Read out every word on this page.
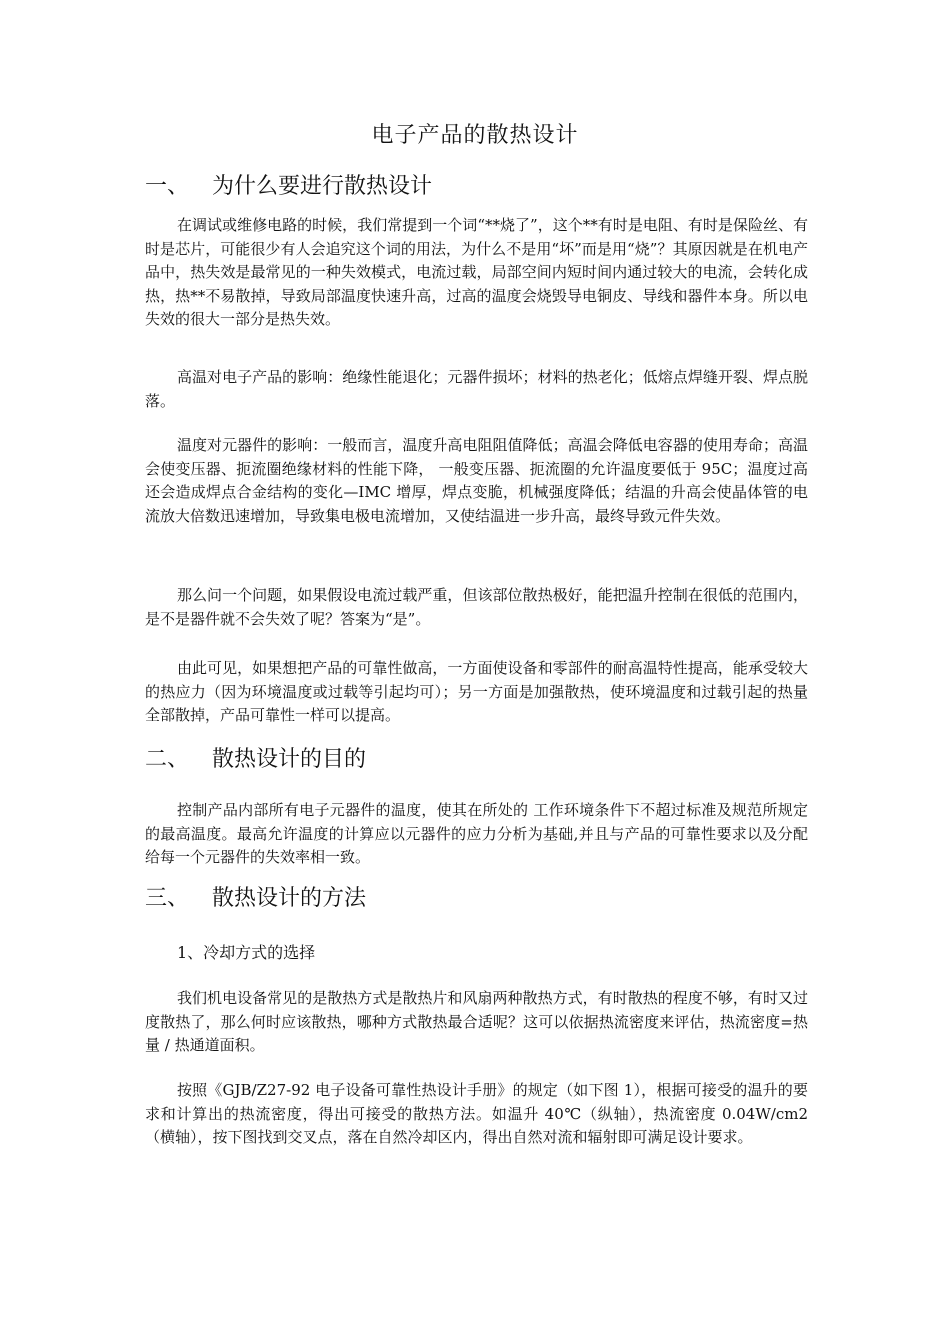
电子产品的散热设计
一、 为什么要进行散热设计

在调试或维修电路的时候，我们常提到一个词“**烧了”，这个**有时是电阻、有时是保险丝、有时是芯片，可能很少有人会追究这个词的用法，为什么不是用“坏”而是用“烧”？其原因就是在机电产品中，热失效是最常见的一种失效模式，电流过载，局部空间内短时间内通过较大的电流，会转化成热，热**不易散掉，导致局部温度快速升高，过高的温度会烧毁导电铜皮、导线和器件本身。所以电失效的很大一部分是热失效。

高温对电子产品的影响：绝缘性能退化；元器件损坏；材料的热老化；低熔点焊缝开裂、焊点脱落。

温度对元器件的影响：一般而言，温度升高电阻阻值降低；高温会降低电容器的使用寿命；高温会使变压器、扼流圈绝缘材料的性能下降， 一般变压器、扼流圈的允许温度要低于 95C；温度过高还会造成焊点合金结构的变化—IMC 增厚，焊点变脆，机械强度降低；结温的升高会使晶体管的电流放大倍数迅速增加，导致集电极电流增加，又使结温进一步升高，最终导致元件失效。

那么问一个问题，如果假设电流过载严重，但该部位散热极好，能把温升控制在很低的范围内，是不是器件就不会失效了呢？答案为“是”。

由此可见，如果想把产品的可靠性做高，一方面使设备和零部件的耐高温特性提高，能承受较大的热应力（因为环境温度或过载等引起均可）；另一方面是加强散热，使环境温度和过载引起的热量全部散掉，产品可靠性一样可以提高。

二、 散热设计的目的

控制产品内部所有电子元器件的温度，使其在所处的 工作环境条件下不超过标准及规范所规定的最高温度。最高允许温度的计算应以元器件的应力分析为基础,并且与产品的可靠性要求以及分配给每一个元器件的失效率相一致。

三、 散热设计的方法
1、冷却方式的选择

我们机电设备常见的是散热方式是散热片和风扇两种散热方式，有时散热的程度不够，有时又过度散热了，那么何时应该散热，哪种方式散热最合适呢？这可以依据热流密度来评估，热流密度=热量 / 热通道面积。

按照《GJB/Z27-92 电子设备可靠性热设计手册》的规定（如下图 1），根据可接受的温升的要求和计算出的热流密度，得出可接受的散热方法。如温升 40℃（纵轴），热流密度 0.04W/cm2（横轴），按下图找到交叉点，落在自然冷却区内，得出自然对流和辐射即可满足设计要求。
